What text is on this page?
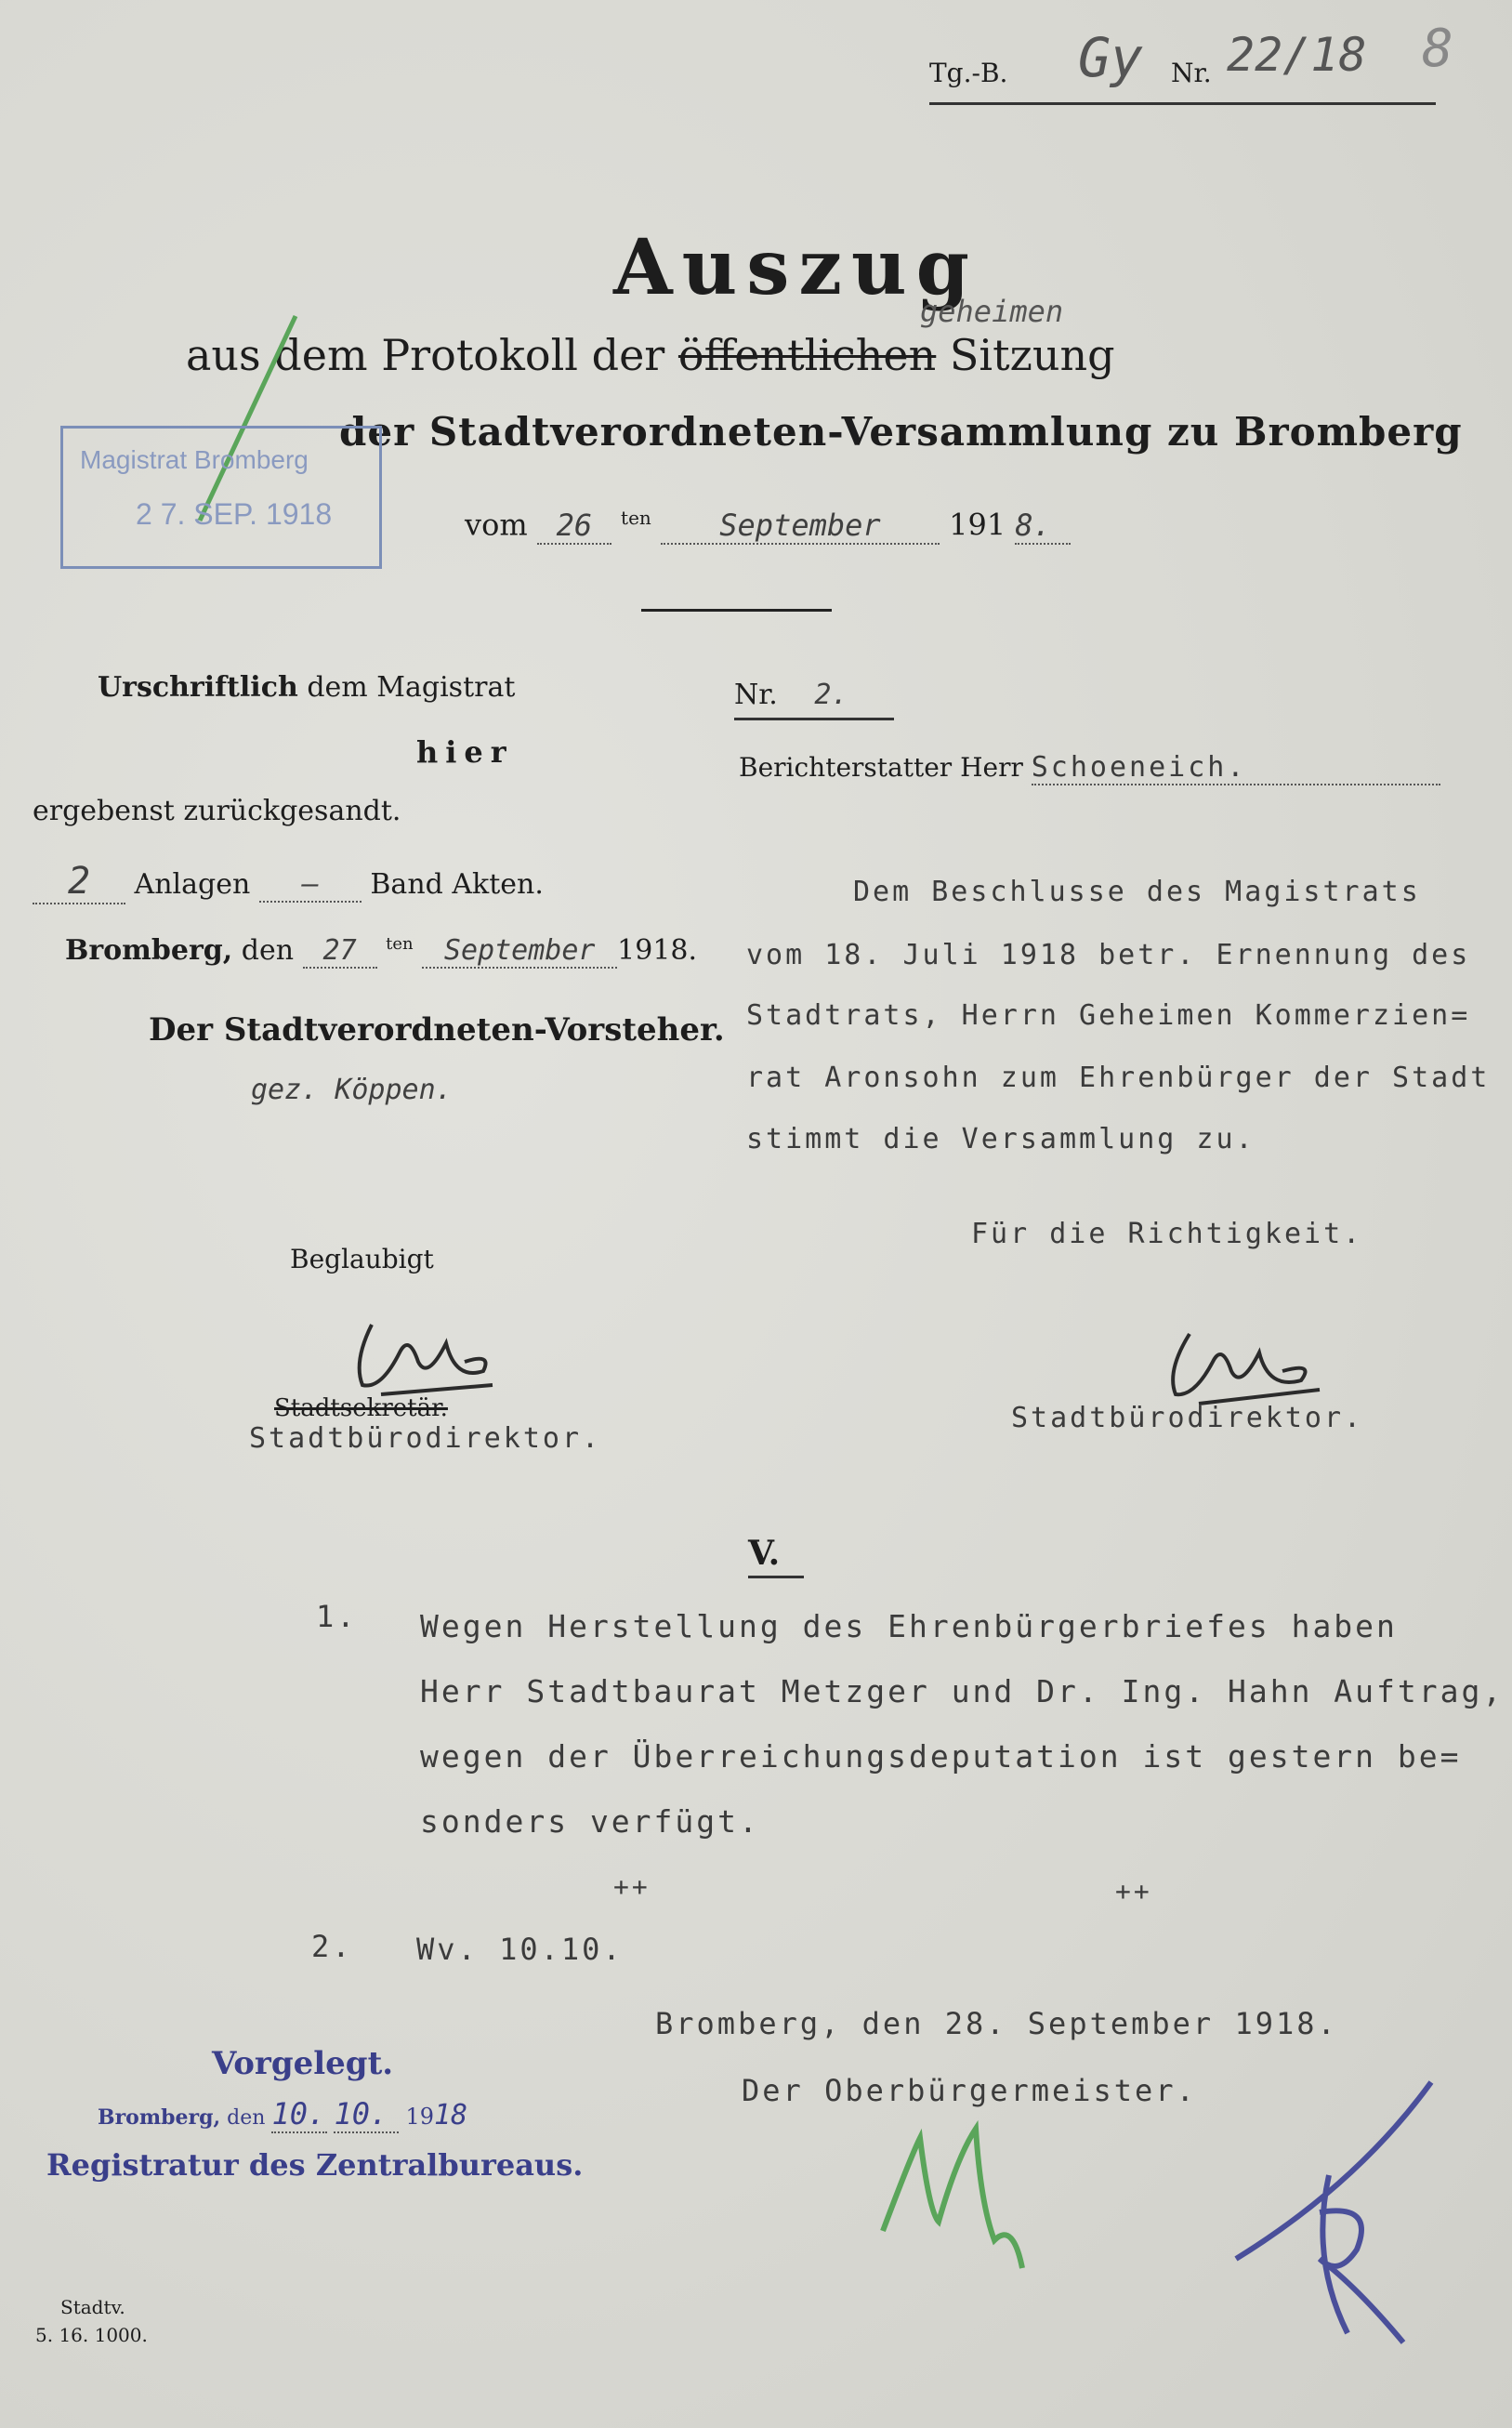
Tg.-B. Gy Nr. 22/18 8
Auszug
geheimen
aus dem Protokoll der öffentlichen Sitzung
der Stadtverordneten-Versammlung zu Bromberg
vom 26 $^{ten}$ September 191 8.
Magistrat Bromberg
2 7. SEP. 1918
Urschriftlich dem Magistrat
hier
ergebenst zurückgesandt.
2 Anlagen — Band Akten.
Bromberg, den 27 $^{ten}$ September 1918.
Der Stadtverordneten-Vorsteher.
gez. Köppen.
Beglaubigt
Stadtsekretär.
Stadtbürodirektor.
Nr. 2.
Berichterstatter Herr Schoeneich.
Dem Beschlusse des Magistrats
vom 18. Juli 1918 betr. Ernennung des
Stadtrats, Herrn Geheimen Kommerzien=
rat Aronsohn zum Ehrenbürger der Stadt
stimmt die Versammlung zu.
Für die Richtigkeit.
Stadtbürodirektor.
V.
1. Wegen Herstellung des Ehrenbürgerbriefes haben
Herr Stadtbaurat Metzger und Dr. Ing. Hahn Auftrag,
wegen der Überreichungsdeputation ist gestern be=
sonders verfügt.
++	++
2. Wv. 10.10.
Bromberg, den 28. September 1918.
Der Oberbürgermeister.
Vorgelegt.
Bromberg, den 10. 10. 1918
Registratur des Zentralbureaus.
Stadtv.
5. 16. 1000.
